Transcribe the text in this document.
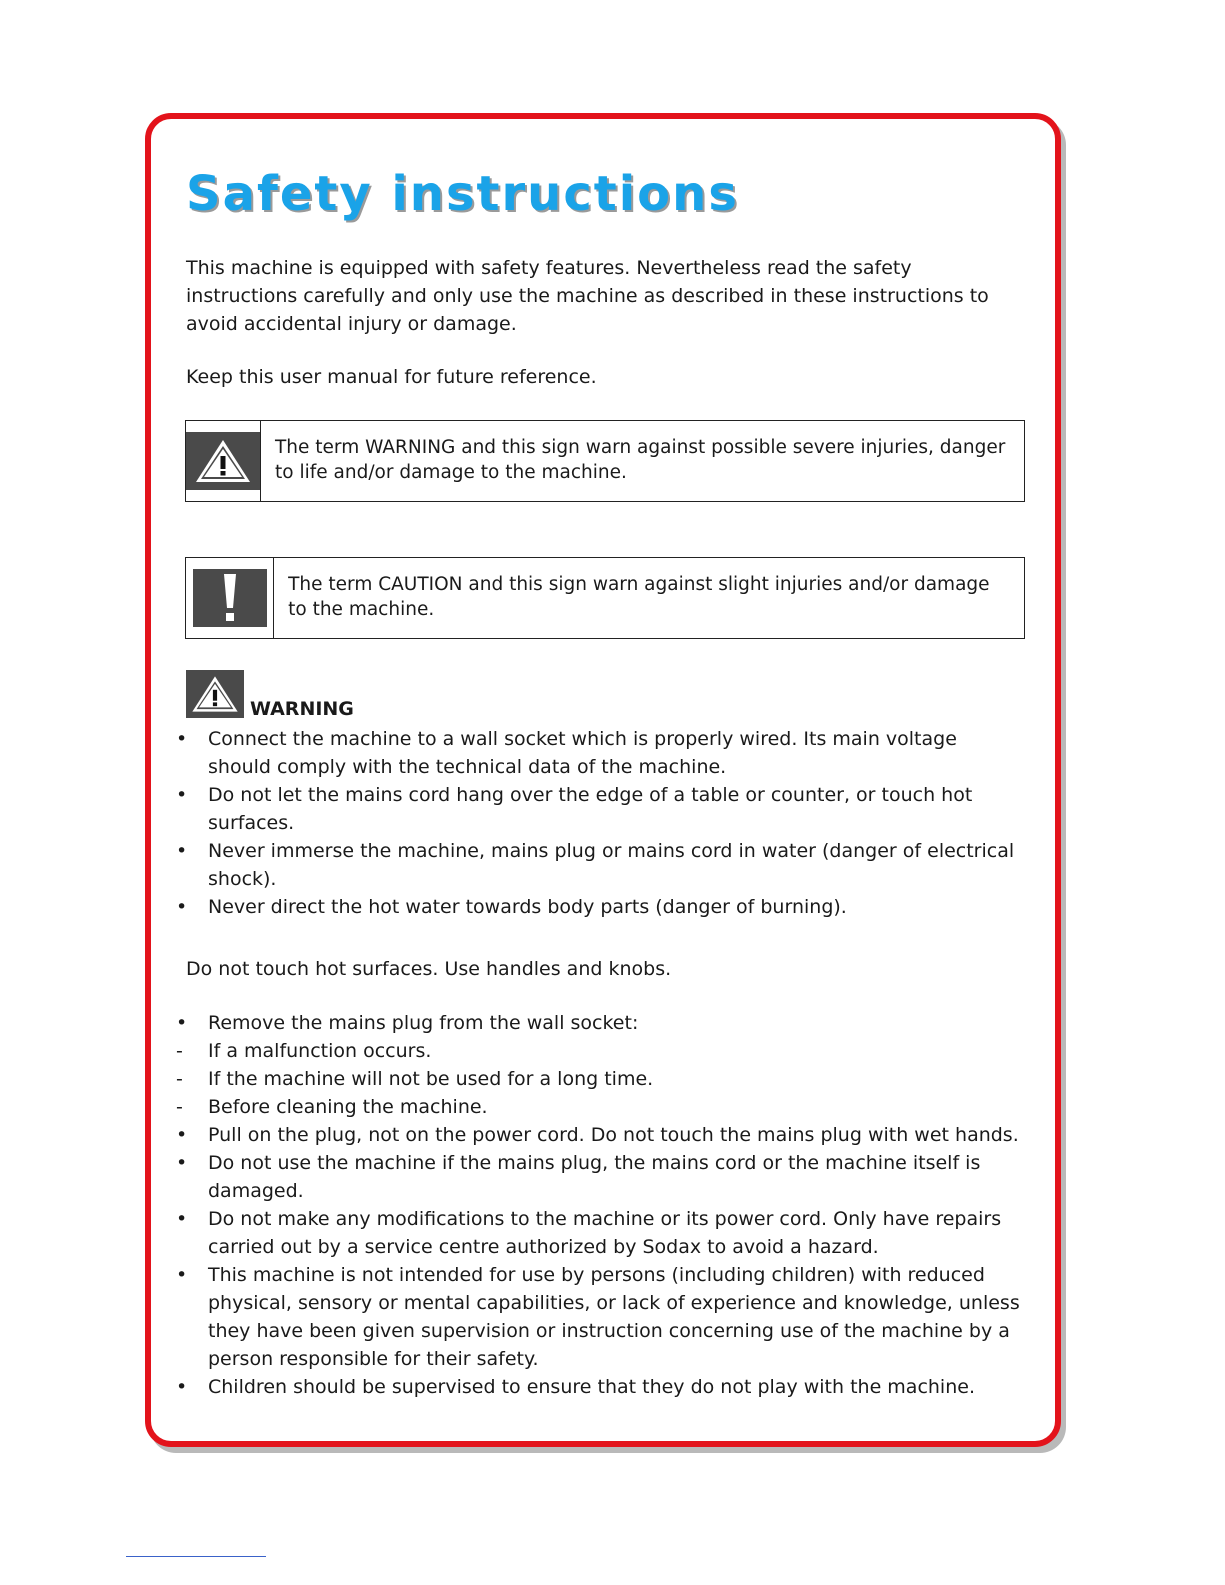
Safety instructions
This machine is equipped with safety features. Nevertheless read the safety instructions carefully and only use the machine as described in these instructions to avoid accidental injury or damage.
Keep this user manual for future reference.
The term WARNING and this sign warn against possible severe injuries, danger to life and/or damage to the machine.
The term CAUTION and this sign warn against slight injuries and/or damage to the machine.
WARNING
• Connect the machine to a wall socket which is properly wired. Its main voltage should comply with the technical data of the machine.
• Do not let the mains cord hang over the edge of a table or counter, or touch hot surfaces.
• Never immerse the machine, mains plug or mains cord in water (danger of electrical shock).
• Never direct the hot water towards body parts (danger of burning).
Do not touch hot surfaces. Use handles and knobs.
• Remove the mains plug from the wall socket:
- If a malfunction occurs.
- If the machine will not be used for a long time.
- Before cleaning the machine.
• Pull on the plug, not on the power cord. Do not touch the mains plug with wet hands.
• Do not use the machine if the mains plug, the mains cord or the machine itself is damaged.
• Do not make any modifications to the machine or its power cord. Only have repairs carried out by a service centre authorized by Sodax to avoid a hazard.
• This machine is not intended for use by persons (including children) with reduced physical, sensory or mental capabilities, or lack of experience and knowledge, unless they have been given supervision or instruction concerning use of the machine by a person responsible for their safety.
• Children should be supervised to ensure that they do not play with the machine.
